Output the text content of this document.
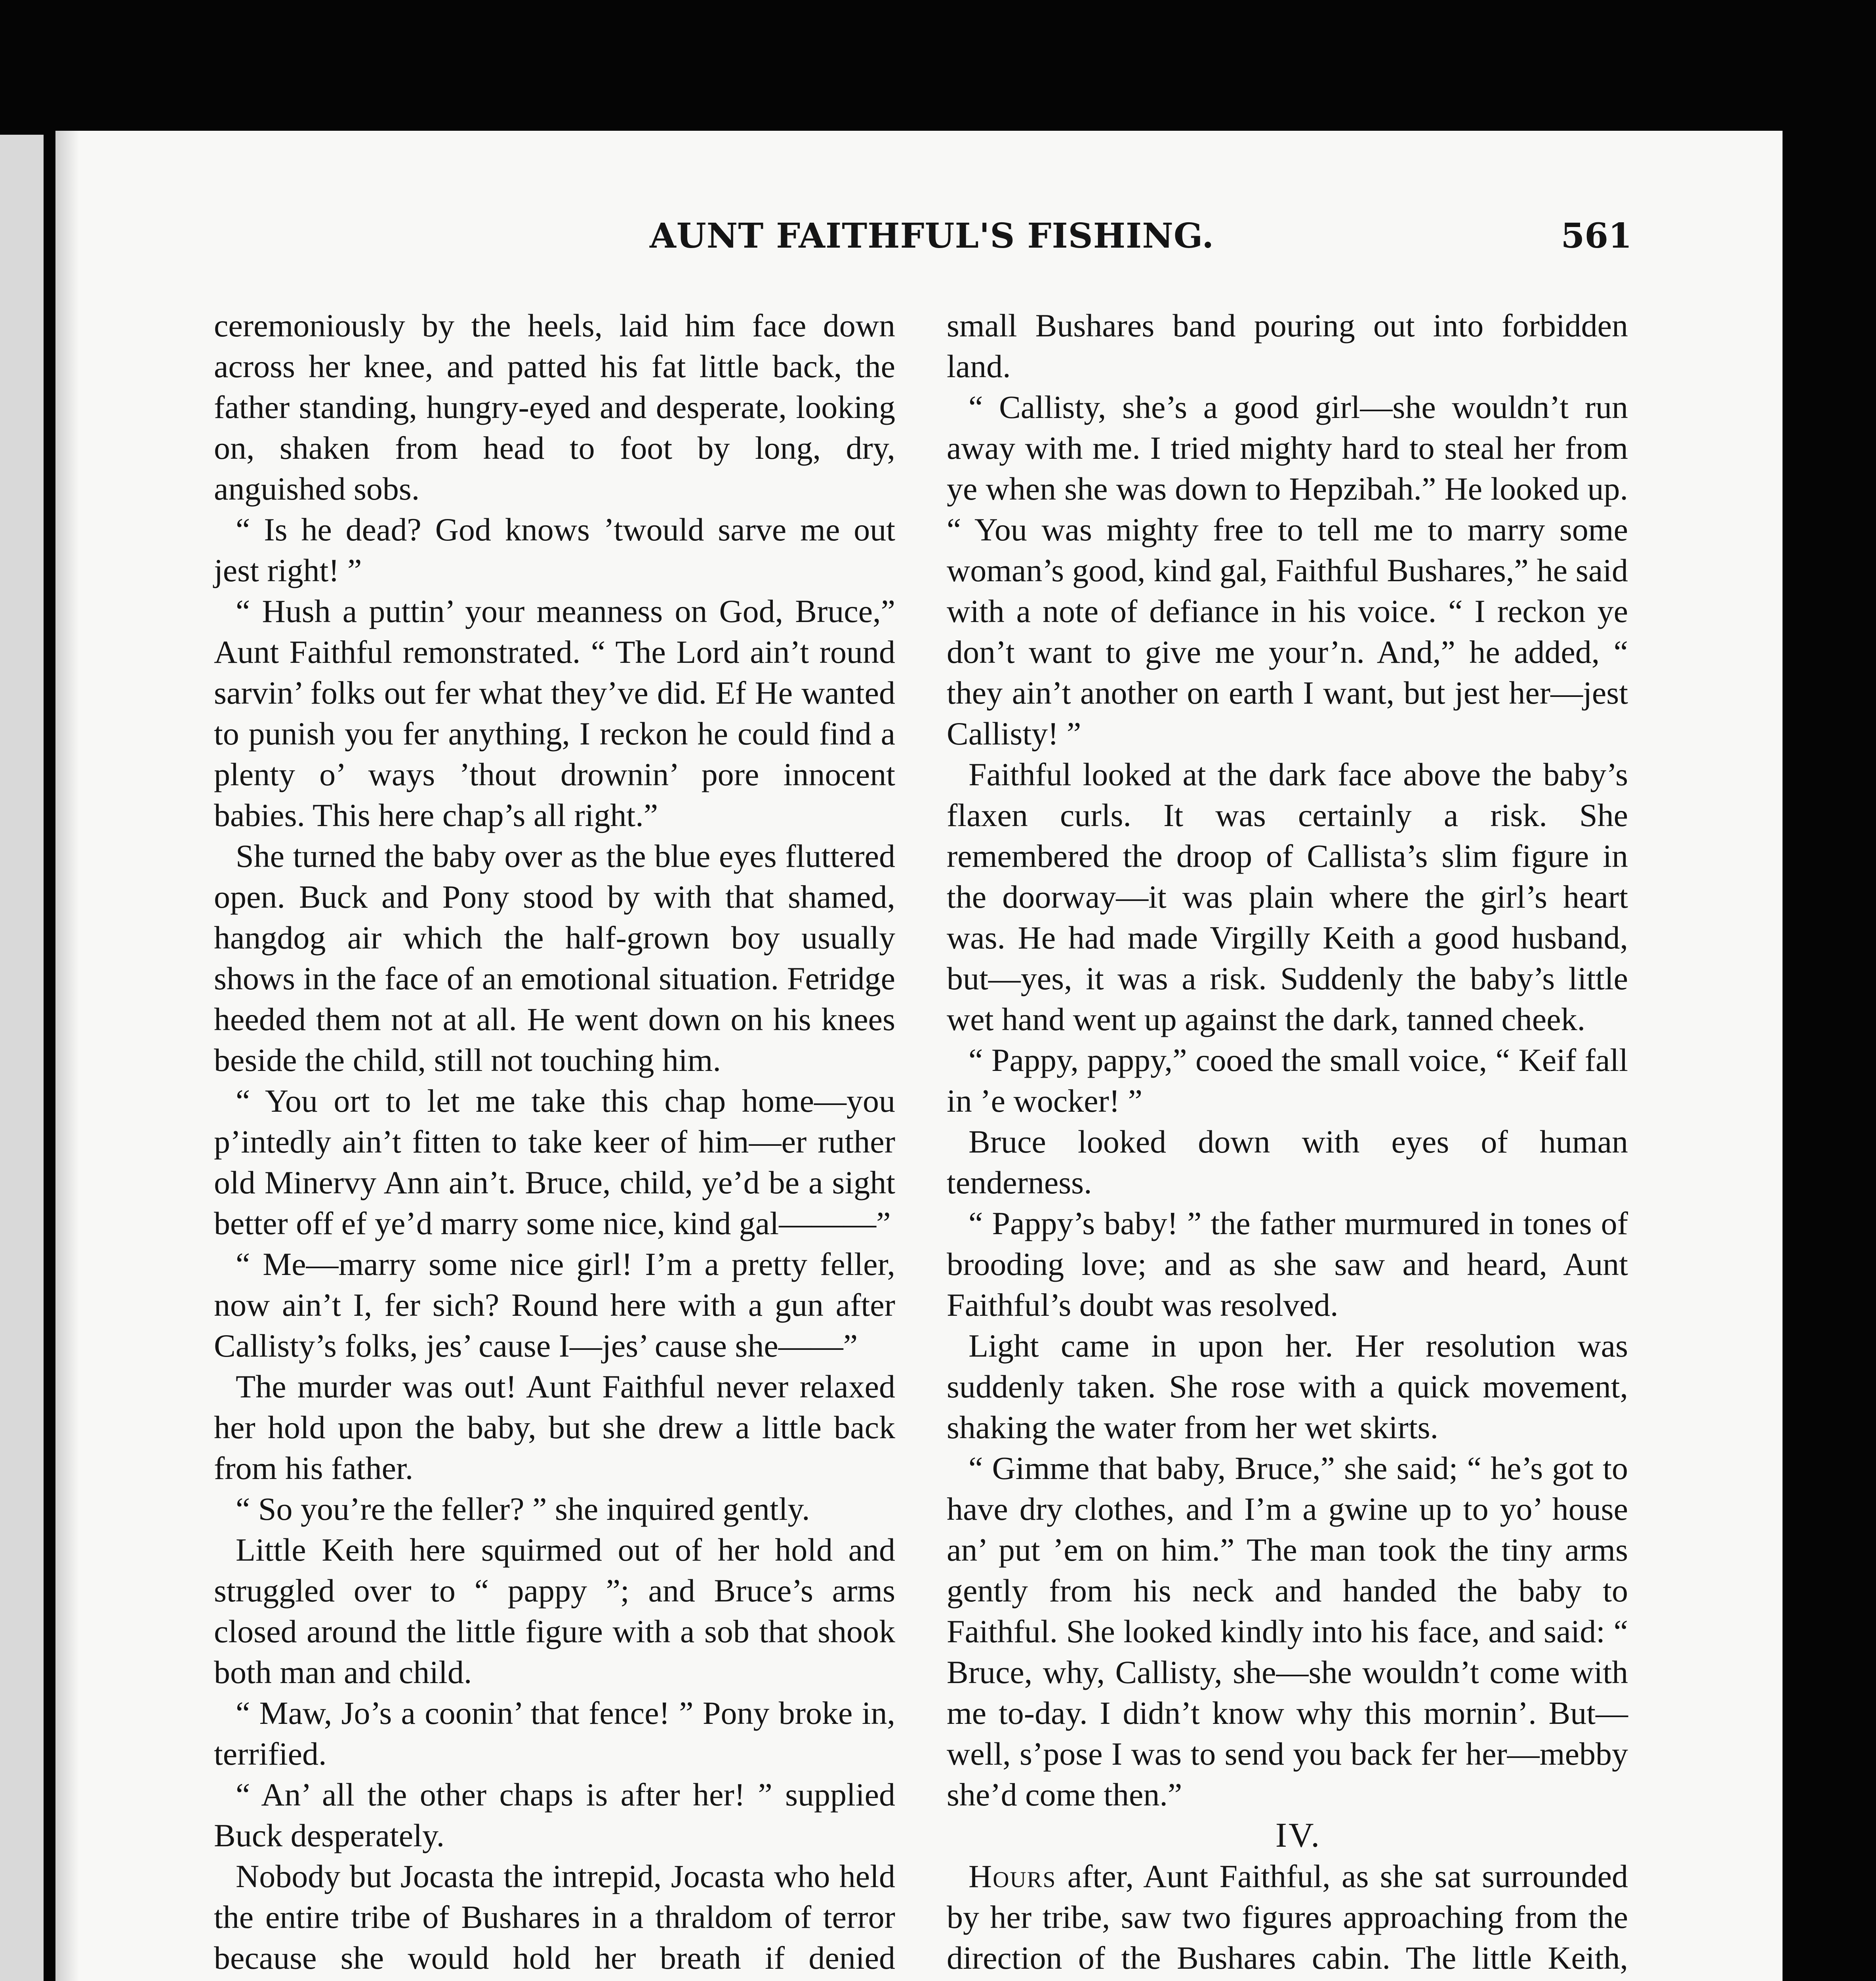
AUNT FAITHFUL'S FISHING.	561

ceremoniously by the heels, laid him face down across her knee, and patted his fat little back, the father standing, hungry-eyed and desperate, looking on, shaken from head to foot by long, dry, anguished sobs.

“ Is he dead? God knows ’twould sarve me out jest right! ”

“ Hush a puttin’ your meanness on God, Bruce,” Aunt Faithful remonstrated. “ The Lord ain’t round sarvin’ folks out fer what they’ve did. Ef He wanted to punish you fer anything, I reckon he could find a plenty o’ ways ’thout drownin’ pore innocent babies. This here chap’s all right.”

She turned the baby over as the blue eyes fluttered open. Buck and Pony stood by with that shamed, hangdog air which the half-grown boy usually shows in the face of an emotional situation. Fetridge heeded them not at all. He went down on his knees beside the child, still not touching him.

“ You ort to let me take this chap home—you p’intedly ain’t fitten to take keer of him—er ruther old Minervy Ann ain’t. Bruce, child, ye’d be a sight better off ef ye’d marry some nice, kind gal———”

“ Me—marry some nice girl! I’m a pretty feller, now ain’t I, fer sich? Round here with a gun after Callisty’s folks, jes’ cause I—jes’ cause she——”

The murder was out! Aunt Faithful never relaxed her hold upon the baby, but she drew a little back from his father.

“ So you’re the feller? ” she inquired gently.

Little Keith here squirmed out of her hold and struggled over to “ pappy ”; and Bruce’s arms closed around the little figure with a sob that shook both man and child.

“ Maw, Jo’s a coonin’ that fence! ” Pony broke in, terrified.

“ An’ all the other chaps is after her! ” supplied Buck desperately.

Nobody but Jocasta the intrepid, Jocasta who held the entire tribe of Bushares in a thraldom of terror because she would hold her breath if denied

small Bushares band pouring out into forbidden land.

“ Callisty, she’s a good girl—she wouldn’t run away with me. I tried mighty hard to steal her from ye when she was down to Hepzibah.” He looked up. “ You was mighty free to tell me to marry some woman’s good, kind gal, Faithful Bushares,” he said with a note of defiance in his voice. “ I reckon ye don’t want to give me your’n. And,” he added, “ they ain’t another on earth I want, but jest her—jest Callisty! ”

Faithful looked at the dark face above the baby’s flaxen curls. It was certainly a risk. She remembered the droop of Callista’s slim figure in the doorway—it was plain where the girl’s heart was. He had made Virgilly Keith a good husband, but—yes, it was a risk. Suddenly the baby’s little wet hand went up against the dark, tanned cheek.

“ Pappy, pappy,” cooed the small voice, “ Keif fall in ’e wocker! ”

Bruce looked down with eyes of human tenderness.

“ Pappy’s baby! ” the father murmured in tones of brooding love; and as she saw and heard, Aunt Faithful’s doubt was resolved.

Light came in upon her. Her resolution was suddenly taken. She rose with a quick movement, shaking the water from her wet skirts.

“ Gimme that baby, Bruce,” she said; “ he’s got to have dry clothes, and I’m a gwine up to yo’ house an’ put ’em on him.” The man took the tiny arms gently from his neck and handed the baby to Faithful. She looked kindly into his face, and said: “ Bruce, why, Callisty, she—she wouldn’t come with me to-day. I didn’t know why this mornin’. But—well, s’pose I was to send you back fer her—mebby she’d come then.”

IV.

Hours after, Aunt Faithful, as she sat surrounded by her tribe, saw two figures approaching from the direction of the Bushares cabin. The little Keith,
